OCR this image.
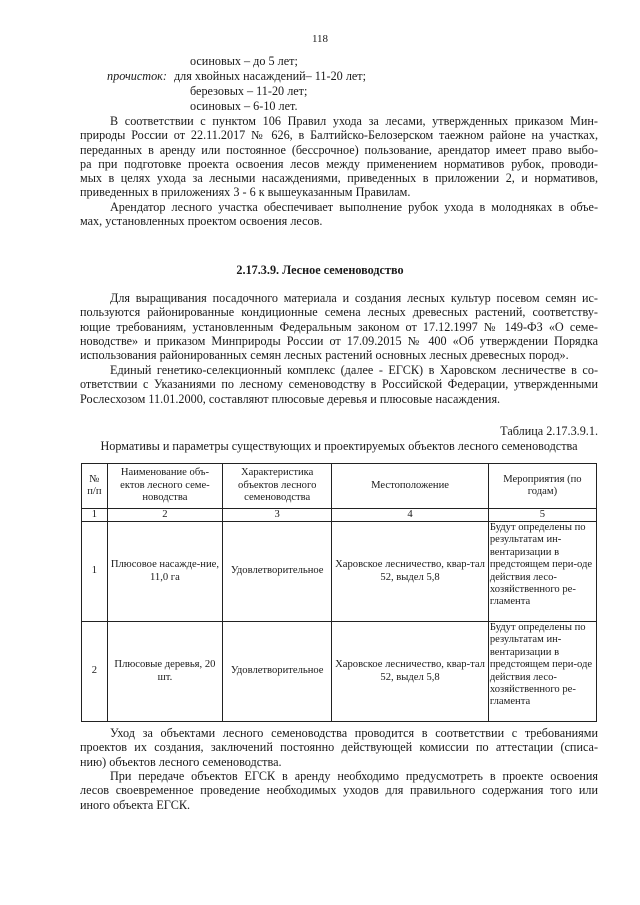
118
осиновых – до 5 лет;
прочисток: для хвойных насаждений– 11-20 лет;
березовых – 11-20 лет;
осиновых – 6-10 лет.
В соответствии с пунктом 106 Правил ухода за лесами, утвержденных приказом Мин-
природы России от 22.11.2017 № 626, в Балтийско-Белозерском таежном районе на участках,
переданных в аренду или постоянное (бессрочное) пользование, арендатор имеет право выбо-
ра при подготовке проекта освоения лесов между применением нормативов рубок, проводи-
мых в целях ухода за лесными насаждениями, приведенных в приложении 2, и нормативов,
приведенных в приложениях 3 - 6 к вышеуказанным Правилам.
Арендатор лесного участка обеспечивает выполнение рубок ухода в молодняках в объе-
мах, установленных проектом освоения лесов.
2.17.3.9. Лесное семеноводство
Для выращивания посадочного материала и создания лесных культур посевом семян ис-
пользуются районированные кондиционные семена лесных древесных растений, соответству-
ющие требованиям, установленным Федеральным законом от 17.12.1997 № 149-ФЗ «О семе-
новодстве» и приказом Минприроды России от 17.09.2015 № 400 «Об утверждении Порядка
использования районированных семян лесных растений основных лесных древесных пород».
Единый генетико-селекционный комплекс (далее - ЕГСК) в Харовском лесничестве в со-
ответствии с Указаниями по лесному семеноводству в Российской Федерации, утвержденными
Рослесхозом 11.01.2000, составляют плюсовые деревья и плюсовые насаждения.
Таблица 2.17.3.9.1.
Нормативы и параметры существующих и проектируемых объектов лесного семеноводства
№ п/п	Наименование объ-ектов лесного семе-новодства	Характеристика объектов лесного семеноводства	Местоположение	Мероприятия (по годам)
1	2	3	4	5
1	Плюсовое насажде-ние, 11,0 га	Удовлетворительное	Харовское лесничество, квар-тал 52, выдел 5,8	Будут определены по результатам ин-вентаризации в предстоящем пери-оде действия лесо-хозяйственного ре-гламента
2	Плюсовые деревья, 20 шт.	Удовлетворительное	Харовское лесничество, квар-тал 52, выдел 5,8	Будут определены по результатам ин-вентаризации в предстоящем пери-оде действия лесо-хозяйственного ре-гламента
Уход за объектами лесного семеноводства проводится в соответствии с требованиями
проектов их создания, заключений постоянно действующей комиссии по аттестации (списа-
нию) объектов лесного семеноводства.
При передаче объектов ЕГСК в аренду необходимо предусмотреть в проекте освоения
лесов своевременное проведение необходимых уходов для правильного содержания того или
иного объекта ЕГСК.
